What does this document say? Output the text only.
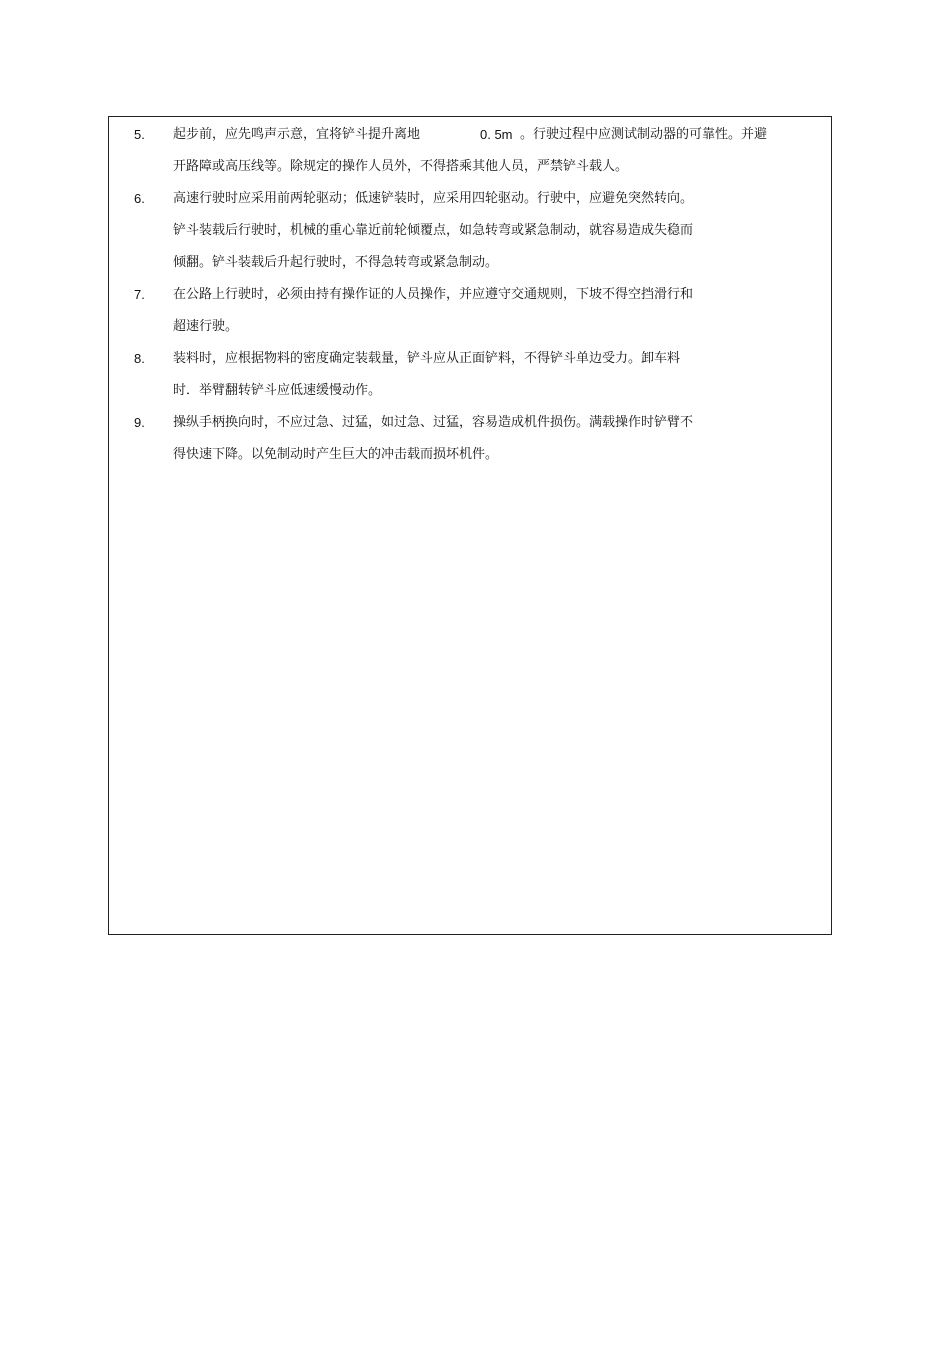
5. 起步前，应先鸣声示意，宜将铲斗提升离地	0. 5m 。行驶过程中应测试制动器的可靠性。并避
开路障或高压线等。除规定的操作人员外，不得搭乘其他人员，严禁铲斗载人。
6. 高速行驶时应采用前两轮驱动；低速铲装时，应采用四轮驱动。行驶中，应避免突然转向。
铲斗装载后行驶时，机械的重心靠近前轮倾覆点，如急转弯或紧急制动，就容易造成失稳而
倾翻。铲斗装载后升起行驶时，不得急转弯或紧急制动。
7. 在公路上行驶时，必须由持有操作证的人员操作，并应遵守交通规则，下坡不得空挡滑行和
超速行驶。
8. 装料时，应根据物料的密度确定装载量，铲斗应从正面铲料，不得铲斗单边受力。卸车料
时．举臂翻转铲斗应低速缓慢动作。
9. 操纵手柄换向时，不应过急、过猛，如过急、过猛，容易造成机件损伤。满载操作时铲臂不
得快速下降。以免制动时产生巨大的冲击载而损坏机件。
